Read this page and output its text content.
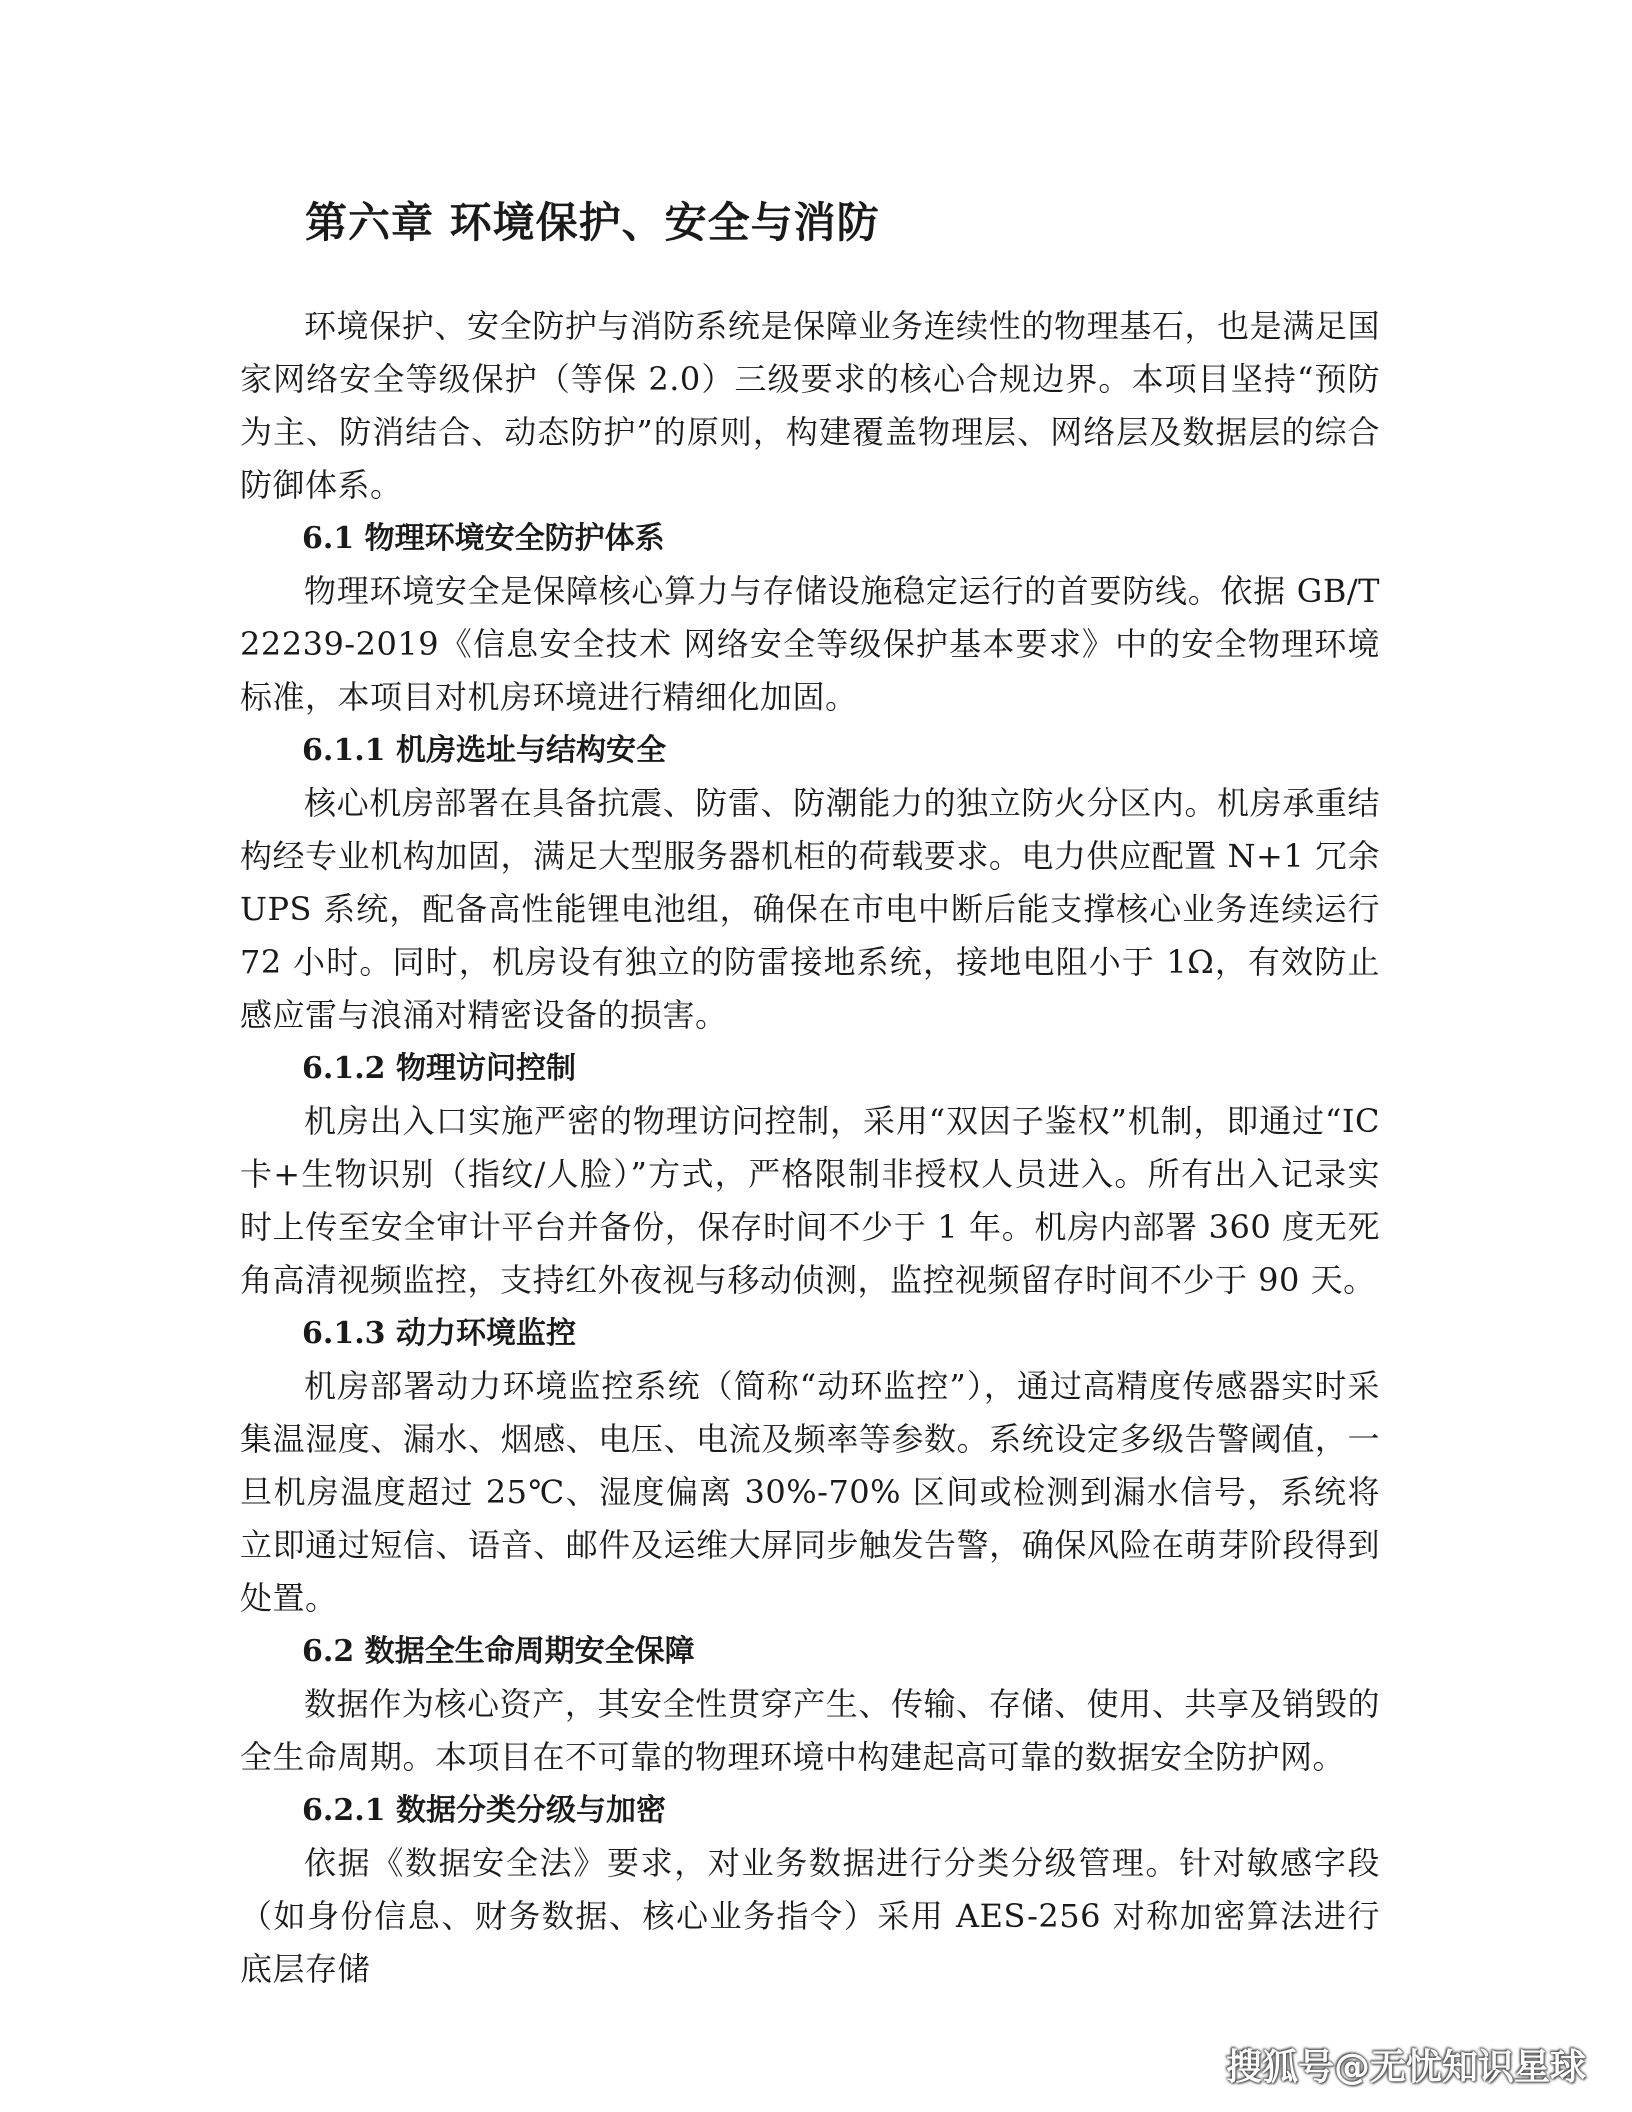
第六章 环境保护、安全与消防

环境保护、安全防护与消防系统是保障业务连续性的物理基石，也是满足国家网络安全等级保护（等保 2.0）三级要求的核心合规边界。本项目坚持“预防为主、防消结合、动态防护”的原则，构建覆盖物理层、网络层及数据层的综合防御体系。

6.1 物理环境安全防护体系

物理环境安全是保障核心算力与存储设施稳定运行的首要防线。依据 GB/T 22239-2019《信息安全技术 网络安全等级保护基本要求》中的安全物理环境标准，本项目对机房环境进行精细化加固。

6.1.1 机房选址与结构安全

核心机房部署在具备抗震、防雷、防潮能力的独立防火分区内。机房承重结构经专业机构加固，满足大型服务器机柜的荷载要求。电力供应配置 N+1 冗余 UPS 系统，配备高性能锂电池组，确保在市电中断后能支撑核心业务连续运行 72 小时。同时，机房设有独立的防雷接地系统，接地电阻小于 1Ω，有效防止感应雷与浪涌对精密设备的损害。

6.1.2 物理访问控制

机房出入口实施严密的物理访问控制，采用“双因子鉴权”机制，即通过“IC卡+生物识别（指纹/人脸）”方式，严格限制非授权人员进入。所有出入记录实时上传至安全审计平台并备份，保存时间不少于 1 年。机房内部署 360 度无死角高清视频监控，支持红外夜视与移动侦测，监控视频留存时间不少于 90 天。

6.1.3 动力环境监控

机房部署动力环境监控系统（简称“动环监控”），通过高精度传感器实时采集温湿度、漏水、烟感、电压、电流及频率等参数。系统设定多级告警阈值，一旦机房温度超过 25℃、湿度偏离 30%-70% 区间或检测到漏水信号，系统将立即通过短信、语音、邮件及运维大屏同步触发告警，确保风险在萌芽阶段得到处置。

6.2 数据全生命周期安全保障

数据作为核心资产，其安全性贯穿产生、传输、存储、使用、共享及销毁的全生命周期。本项目在不可靠的物理环境中构建起高可靠的数据安全防护网。

6.2.1 数据分类分级与加密

依据《数据安全法》要求，对业务数据进行分类分级管理。针对敏感字段（如身份信息、财务数据、核心业务指令）采用 AES-256 对称加密算法进行底层存储

搜狐号@无忧知识星球
